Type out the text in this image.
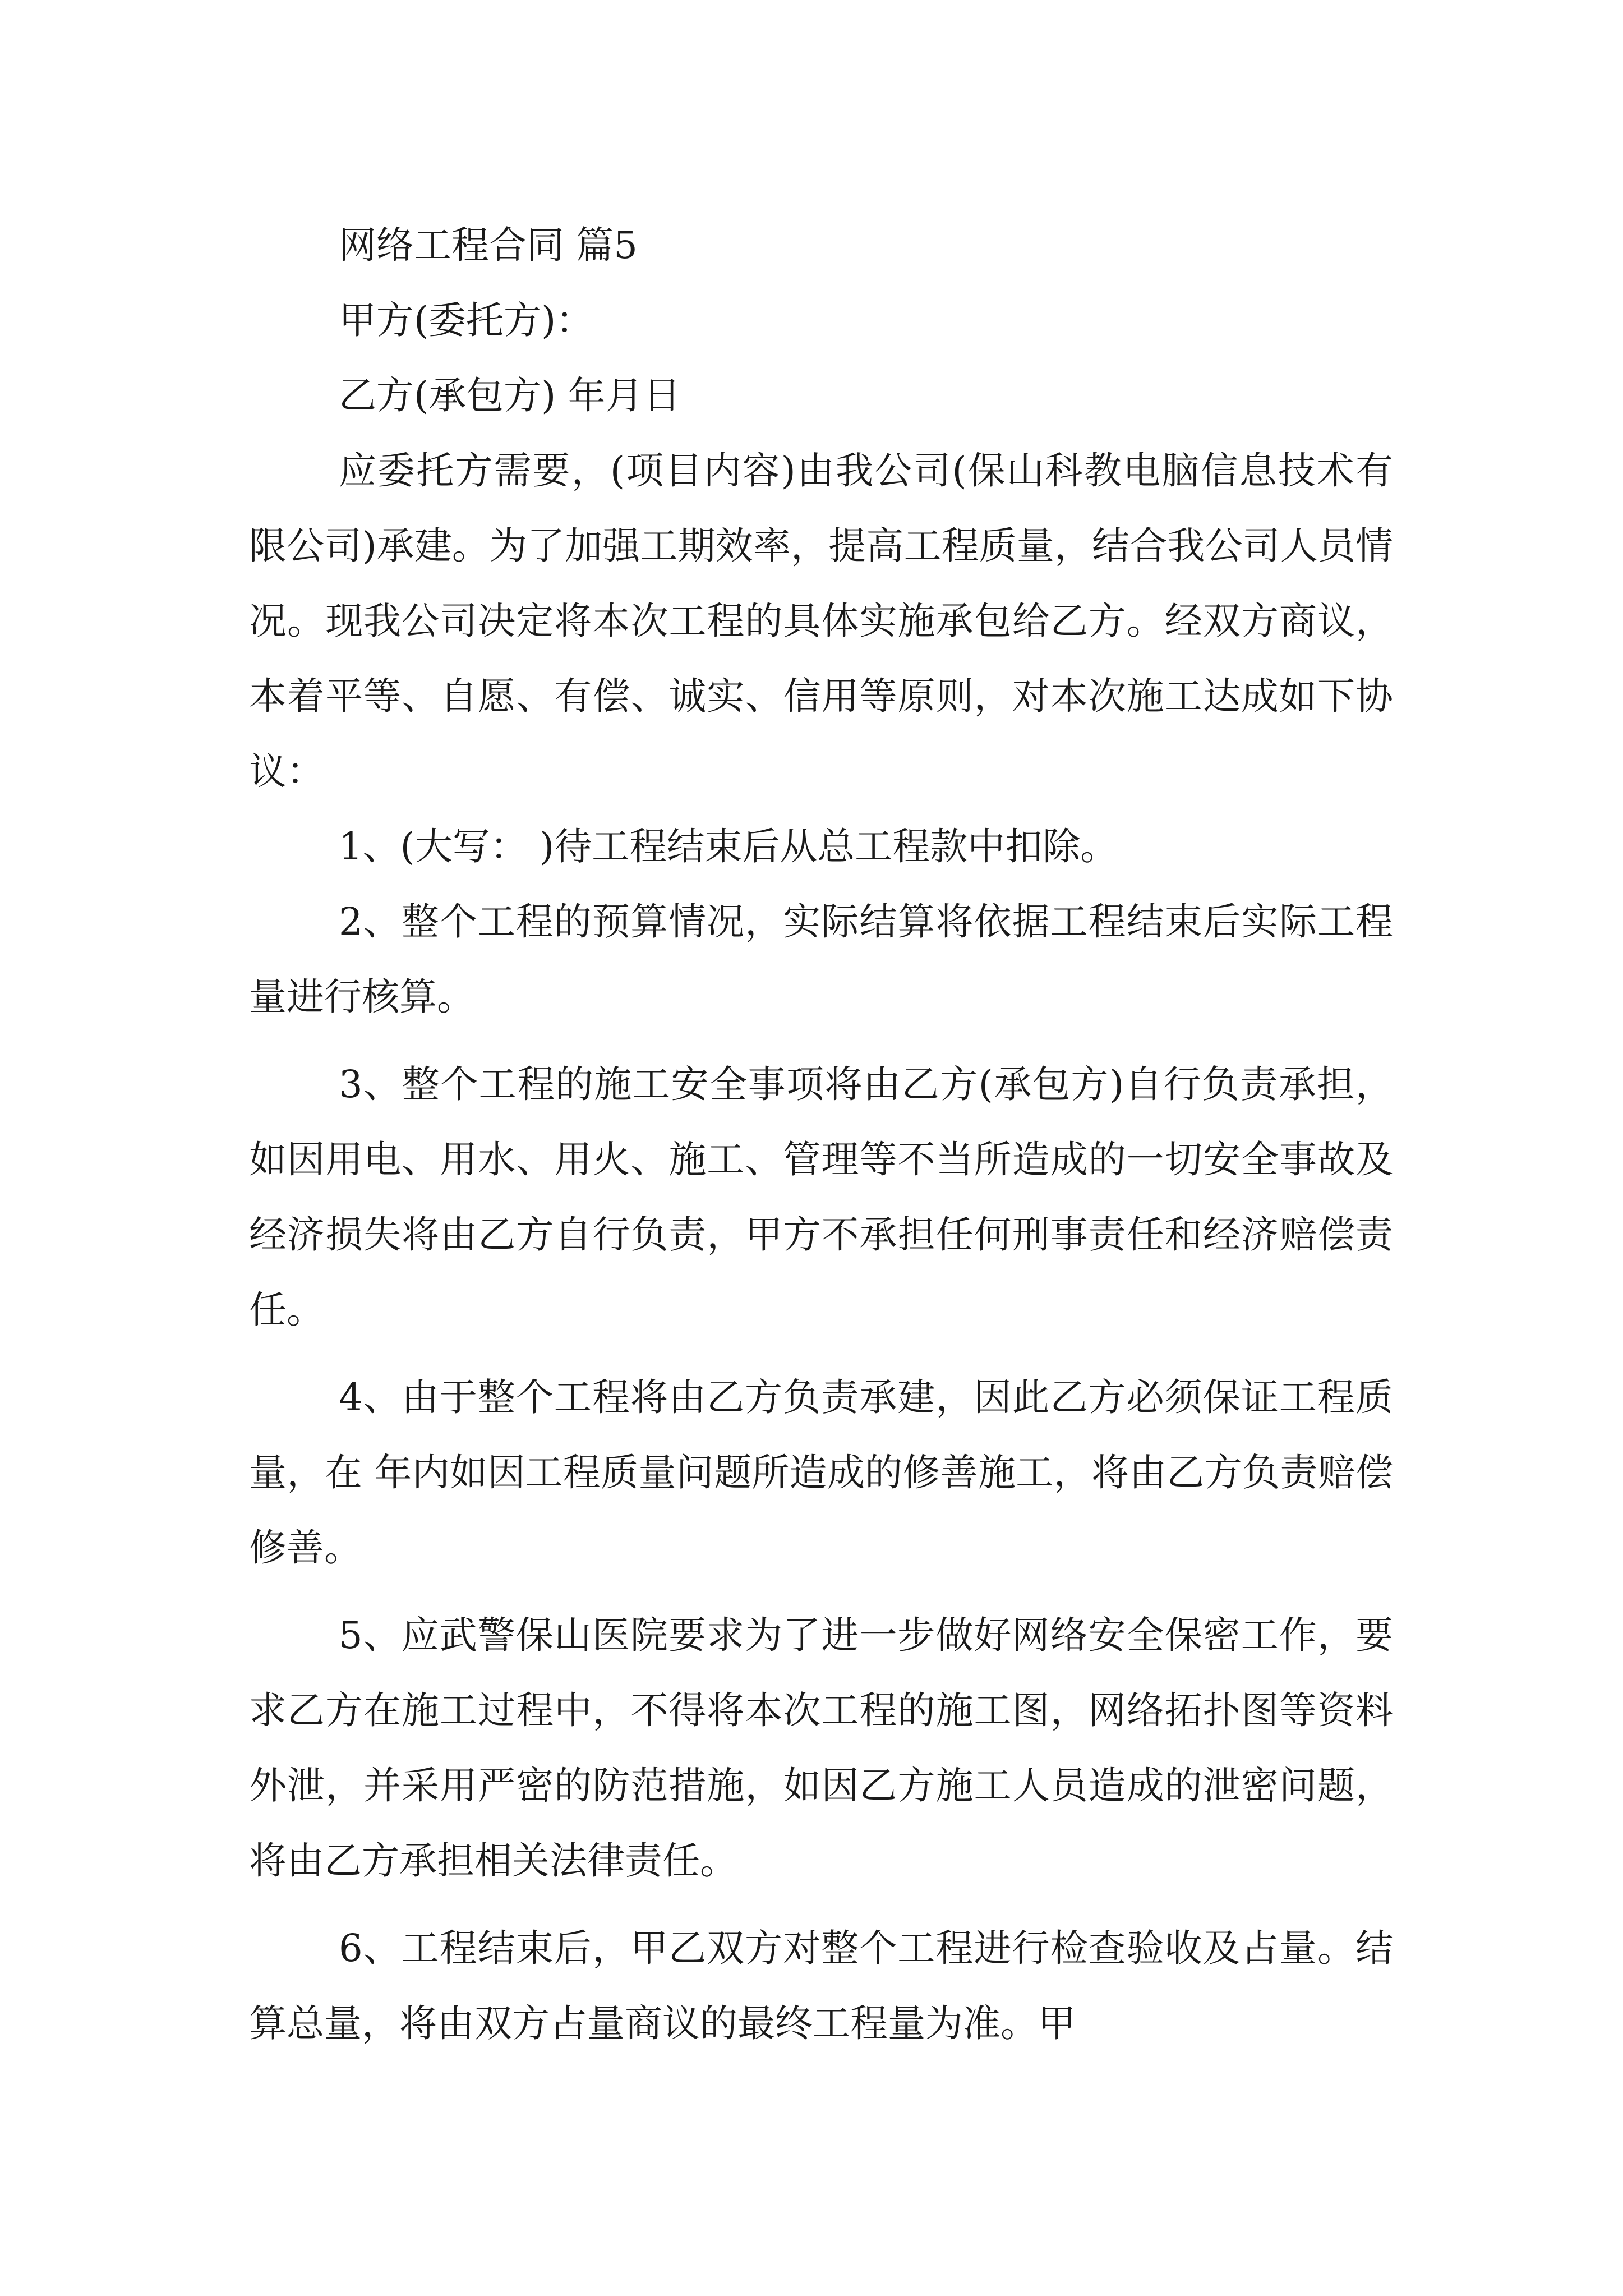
网络工程合同 篇5

甲方(委托方)：

乙方(承包方) 年月日

应委托方需要，(项目内容)由我公司(保山科教电脑信息技术有限公司)承建。为了加强工期效率，提高工程质量，结合我公司人员情况。现我公司决定将本次工程的具体实施承包给乙方。经双方商议，本着平等、自愿、有偿、诚实、信用等原则，对本次施工达成如下协议：

1、(大写： )待工程结束后从总工程款中扣除。

2、整个工程的预算情况，实际结算将依据工程结束后实际工程量进行核算。

3、整个工程的施工安全事项将由乙方(承包方)自行负责承担，如因用电、用水、用火、施工、管理等不当所造成的一切安全事故及经济损失将由乙方自行负责，甲方不承担任何刑事责任和经济赔偿责任。

4、由于整个工程将由乙方负责承建，因此乙方必须保证工程质量，在 年内如因工程质量问题所造成的修善施工，将由乙方负责赔偿修善。

5、应武警保山医院要求为了进一步做好网络安全保密工作，要求乙方在施工过程中，不得将本次工程的施工图，网络拓扑图等资料外泄，并采用严密的防范措施，如因乙方施工人员造成的泄密问题，将由乙方承担相关法律责任。

6、工程结束后，甲乙双方对整个工程进行检查验收及占量。结算总量，将由双方占量商议的最终工程量为准。甲
